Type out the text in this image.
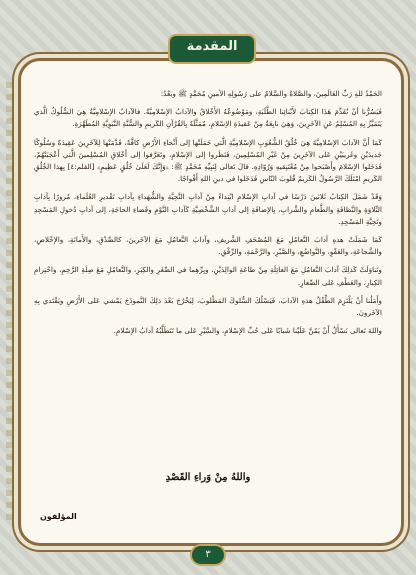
المقدمة

الحَمْدُ للهِ رَبِّ العَالَمِينَ، والصَّلاةُ والسَّلامُ على رَسُولِهِ الأمينِ مُحَمَّدٍ ﷺ وبَعْدُ:

فَيَسُرُّنا أنْ نُقَدِّمَ هَذَا الكِتابَ لأَبْنائِنا الطَّلَبَةِ، ومَوْضُوعُهُ الأَخْلاقُ والآدابُ الإسْلامِيَّةُ. فالآدابُ الإسْلامِيَّةُ هِيَ السُّلُوكُ الَّذي يَتَمَيَّزُ بِهِ المُسْلِمُ عَنِ الآخَرِينَ، وَهِيَ نابِعَةٌ مِنْ عَقيدَةِ الإسْلامِ، مُمَثَّلَةً بِالقُرْآنِ الكَريمِ والسُّنَّةِ النَّبَوِيَّةِ المُطَهَّرَةِ.

كَمَا أَنَّ الآدابَ الإسْلامِيَّةَ هِيَ خُلُقُ الشُّعُوبِ الإسْلامِيَّةِ الَّتي حَمَلَتْها إلى أَنْحاءِ الأَرْضِ كافَّةً، قَدَّمَتْها لِلآخَرِينَ عَقِيدَةً وسُلُوكًا جَديدَيْنِ وغَريبَيْنِ عَلى الآخَرِينَ مِنْ غَيْرِ المُسْلِمِينَ، فَنَظَروا إلى الإسْلامِ، وتَعَرَّفوا إلى أَخْلاقِ المُسْلِمينَ الَّتي أَعْجَبَتْهُمْ، فَدَخَلوا الإسْلامَ وأَصْبَحوا مِنْ مُعْتَنِقيهِ وَرُوّادِهِ. قالَ تَعالى لِنَبِيِّهِ مُحَمَّدٍ ﷺ: ﴿وَإِنَّكَ لَعَلَىٰ خُلُقٍ عَظِيمٍ﴾ [القلم:٤] بِهذا الخُلُقِ الكَريمِ امْتَلَكَ الرَّسُولُ الكَريمُ قُلوبَ النّاسِ فَدَخَلوا في دينِ اللهِ أَفْواجًا.

وَقَدْ شَمَلَ الكِتابُ ثَلاثينَ دَرْسًا في آدابِ الإسْلامِ ابْتِداءً مِنْ آدابِ التَّحِيَّةِ والشُّهَداءِ بِآدابِ تَقْديرِ العُلَماءِ، مُرورًا بِآدابِ التِّلاوَةِ والنَّظافَةِ والطَّعامِ والشَّرابِ، بِالإضافَةِ إلى آدابِ الشَّخْصِيَّةِ كَآدابِ النَّوْمِ وقَضاءِ الحاجَةِ، إلى آدابِ دُخولِ المَسْجِدِ وتَحِيَّةِ المَسْجِدِ.

كَمَا شَمَلَتْ هذهِ آدابَ التَّعامُلِ مَعَ المُصْحَفِ الشَّريفِ، وآدابَ التَّعامُلِ مَعَ الآخَرينَ، كالصِّدْقِ، والأَمانَةِ، والإخْلاصِ، والشَّجاعَةِ، والعَفْوِ، والتَّواضُعِ، والصَّبْرِ، والرَّحْمَةِ، والرِّفْقِ.

وتَناوَلَتْ كَذلِكَ آدابَ التَّعامُلِ مَعَ العائِلَةِ مِنْ طاعَةِ الوالِدَيْنِ، وبِرِّهِما في الصِّغَرِ والكِبَرِ، والتَّعامُلِ مَعَ صِلَةِ الرَّحِمِ، واحْتِرامِ الكِبارِ، والعَطْفِ عَلى الصِّغارِ.

وأَمَلُنا أَنْ يَلْتَزِمَ الطِّفْلُ هذهِ الآدابَ، فَيَسْلُكَ السُّلوكَ المَطْلوبَ، لِيَخْرُجَ بَعْدَ ذلِكَ النَّموذَجَ يَمْشي عَلى الأَرْضِ ويَقْتَدي بِهِ الآخَرونَ.

واللهَ تَعالى نَسْأَلُ أَنْ يَمُنَّ عَلَيْنا شَبابًا عَلى حُبِّ الإسْلامِ، والسَّيْرِ عَلى ما تَتَطَلَّبُهُ آدابُ الإسْلامِ.

واللهُ مِنْ وَراءِ القَصْدِ
المؤلفون
٣
